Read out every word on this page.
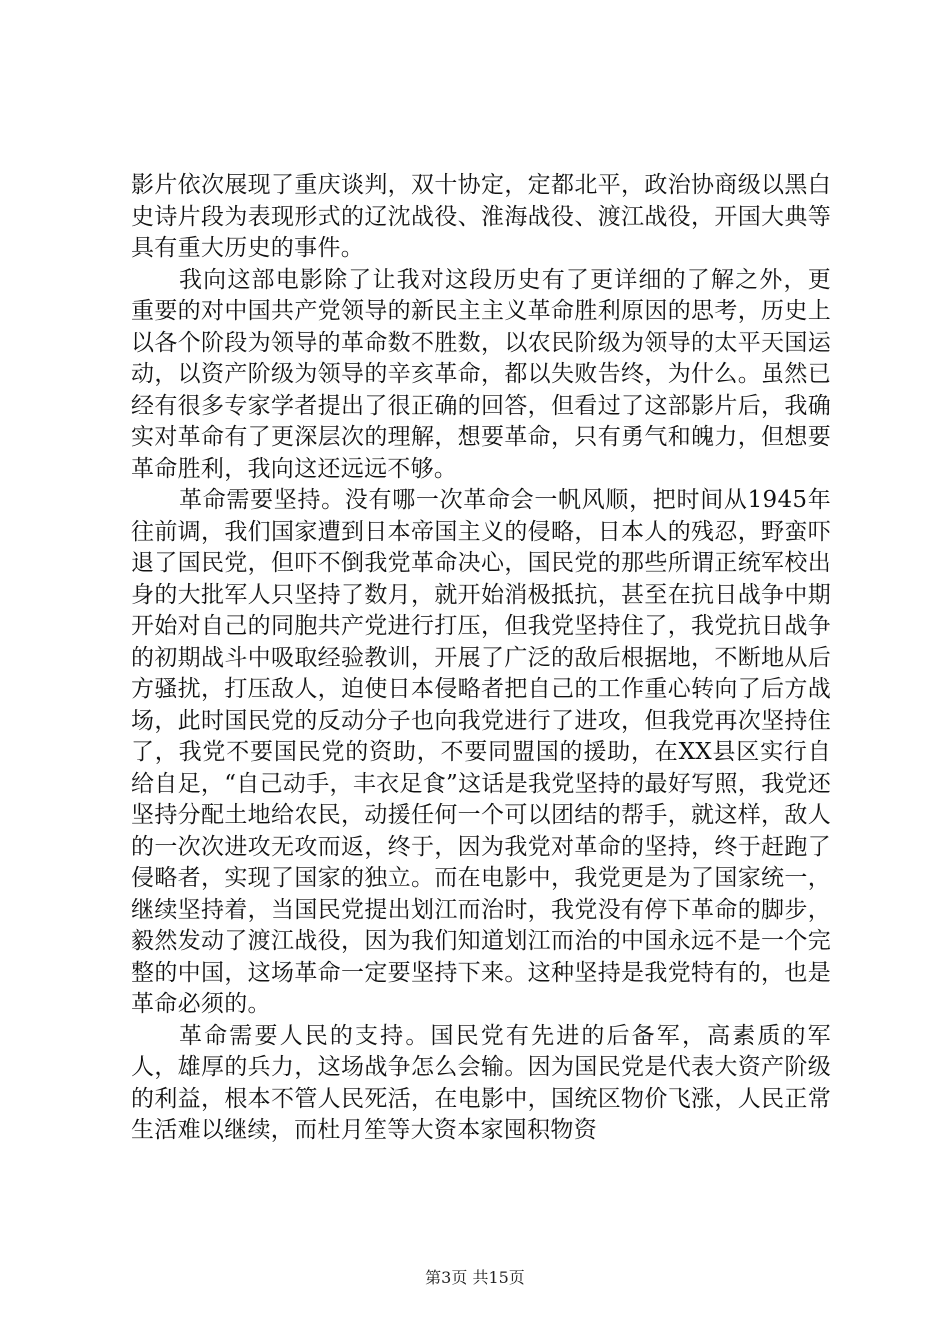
影片依次展现了重庆谈判，双十协定，定都北平，政治协商级以黑白史诗片段为表现形式的辽沈战役、淮海战役、渡江战役，开国大典等具有重大历史的事件。

我向这部电影除了让我对这段历史有了更详细的了解之外，更重要的对中国共产党领导的新民主主义革命胜利原因的思考，历史上以各个阶段为领导的革命数不胜数，以农民阶级为领导的太平天国运动，以资产阶级为领导的辛亥革命，都以失败告终，为什么。虽然已经有很多专家学者提出了很正确的回答，但看过了这部影片后，我确实对革命有了更深层次的理解，想要革命，只有勇气和魄力，但想要革命胜利，我向这还远远不够。

革命需要坚持。没有哪一次革命会一帆风顺，把时间从1945年往前调，我们国家遭到日本帝国主义的侵略，日本人的残忍，野蛮吓退了国民党，但吓不倒我党革命决心，国民党的那些所谓正统军校出身的大批军人只坚持了数月，就开始消极抵抗，甚至在抗日战争中期开始对自己的同胞共产党进行打压，但我党坚持住了，我党抗日战争的初期战斗中吸取经验教训，开展了广泛的敌后根据地，不断地从后方骚扰，打压敌人，迫使日本侵略者把自己的工作重心转向了后方战场，此时国民党的反动分子也向我党进行了进攻，但我党再次坚持住了，我党不要国民党的资助，不要同盟国的援助，在XX县区实行自给自足，“自己动手，丰衣足食”这话是我党坚持的最好写照，我党还坚持分配土地给农民，动援任何一个可以团结的帮手，就这样，敌人的一次次进攻无攻而返，终于，因为我党对革命的坚持，终于赶跑了侵略者，实现了国家的独立。而在电影中，我党更是为了国家统一，继续坚持着，当国民党提出划江而治时，我党没有停下革命的脚步，毅然发动了渡江战役，因为我们知道划江而治的中国永远不是一个完整的中国，这场革命一定要坚持下来。这种坚持是我党特有的，也是革命必须的。

革命需要人民的支持。国民党有先进的后备军，高素质的军人，雄厚的兵力，这场战争怎么会输。因为国民党是代表大资产阶级的利益，根本不管人民死活，在电影中，国统区物价飞涨，人民正常生活难以继续，而杜月笙等大资本家囤积物资

第3页 共15页
